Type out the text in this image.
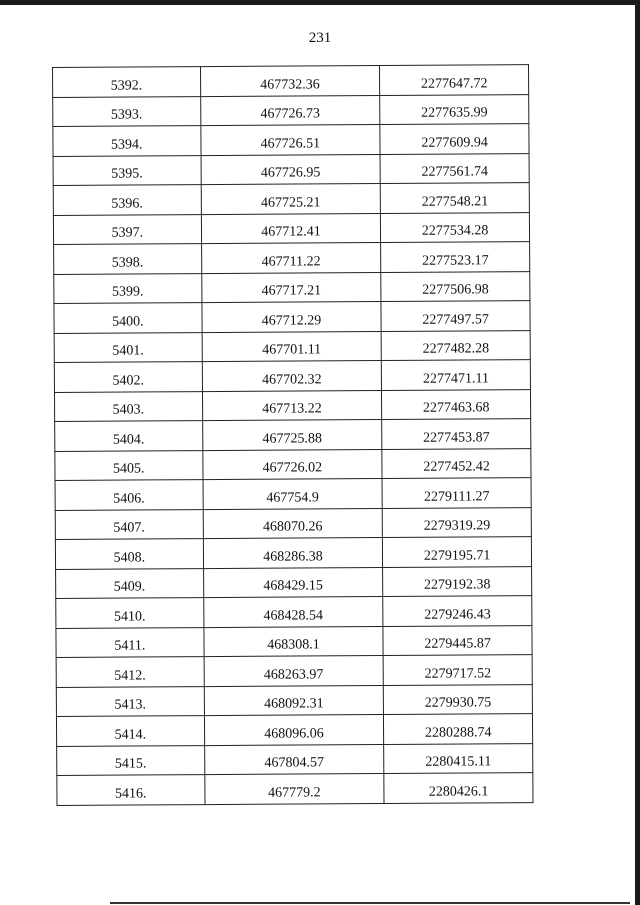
231
5392.	467732.36	2277647.72
5393.	467726.73	2277635.99
5394.	467726.51	2277609.94
5395.	467726.95	2277561.74
5396.	467725.21	2277548.21
5397.	467712.41	2277534.28
5398.	467711.22	2277523.17
5399.	467717.21	2277506.98
5400.	467712.29	2277497.57
5401.	467701.11	2277482.28
5402.	467702.32	2277471.11
5403.	467713.22	2277463.68
5404.	467725.88	2277453.87
5405.	467726.02	2277452.42
5406.	467754.9	2279111.27
5407.	468070.26	2279319.29
5408.	468286.38	2279195.71
5409.	468429.15	2279192.38
5410.	468428.54	2279246.43
5411.	468308.1	2279445.87
5412.	468263.97	2279717.52
5413.	468092.31	2279930.75
5414.	468096.06	2280288.74
5415.	467804.57	2280415.11
5416.	467779.2	2280426.1
